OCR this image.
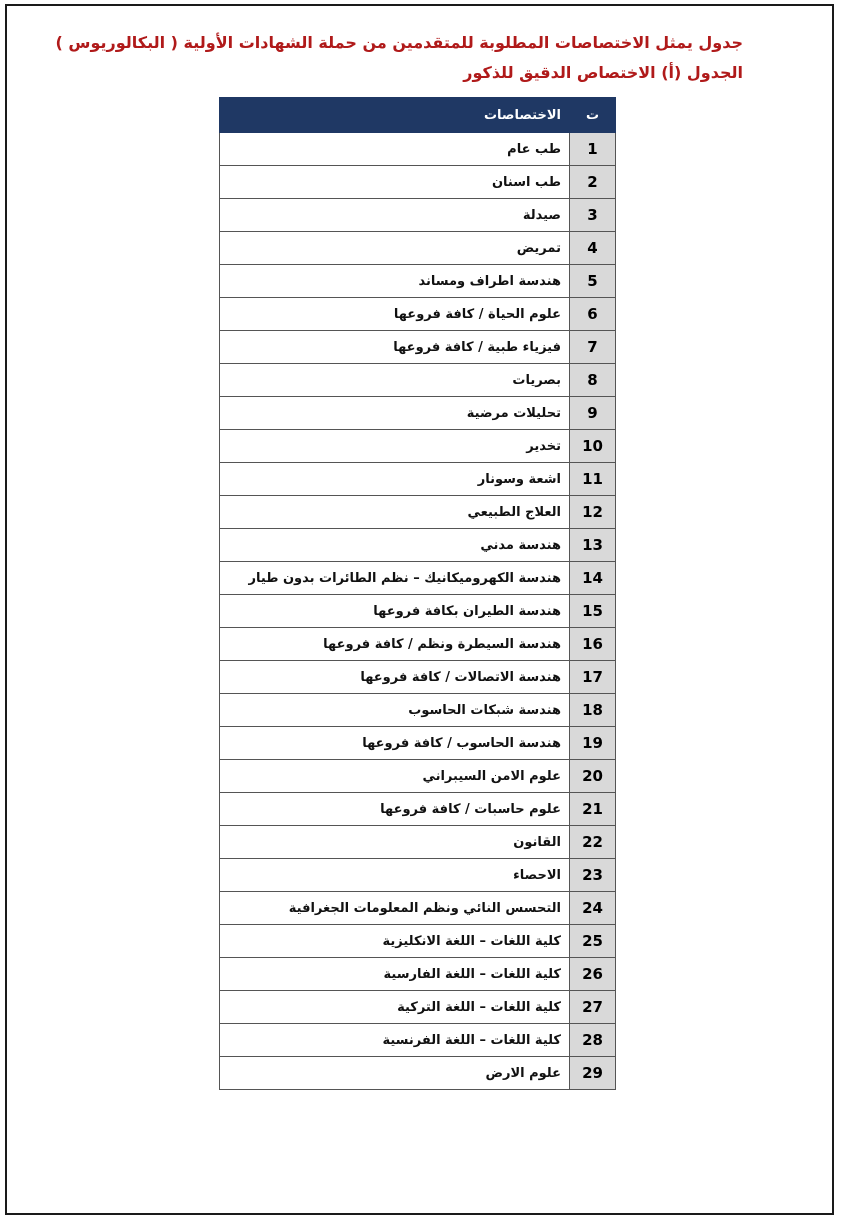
جدول يمثل الاختصاصات المطلوبة للمتقدمين من حملة الشهادات الأولية ( البكالوريوس )
الجدول (أ) الاختصاص الدقيق للذكور
ت	الاختصاصات
1	طب عام
2	طب اسنان
3	صيدلة
4	تمريض
5	هندسة اطراف ومساند
6	علوم الحياة / كافة فروعها
7	فيزياء طبية / كافة فروعها
8	بصريات
9	تحليلات مرضية
10	تخدير
11	اشعة وسونار
12	العلاج الطبيعي
13	هندسة مدني
14	هندسة الكهروميكانيك – نظم الطائرات بدون طيار
15	هندسة الطيران بكافة فروعها
16	هندسة السيطرة ونظم / كافة فروعها
17	هندسة الاتصالات / كافة فروعها
18	هندسة شبكات الحاسوب
19	هندسة الحاسوب / كافة فروعها
20	علوم الامن السيبراني
21	علوم حاسبات / كافة فروعها
22	القانون
23	الاحصاء
24	التحسس النائي ونظم المعلومات الجغرافية
25	كلية اللغات – اللغة الانكليزية
26	كلية اللغات – اللغة الفارسية
27	كلية اللغات – اللغة التركية
28	كلية اللغات – اللغة الفرنسية
29	علوم الارض
